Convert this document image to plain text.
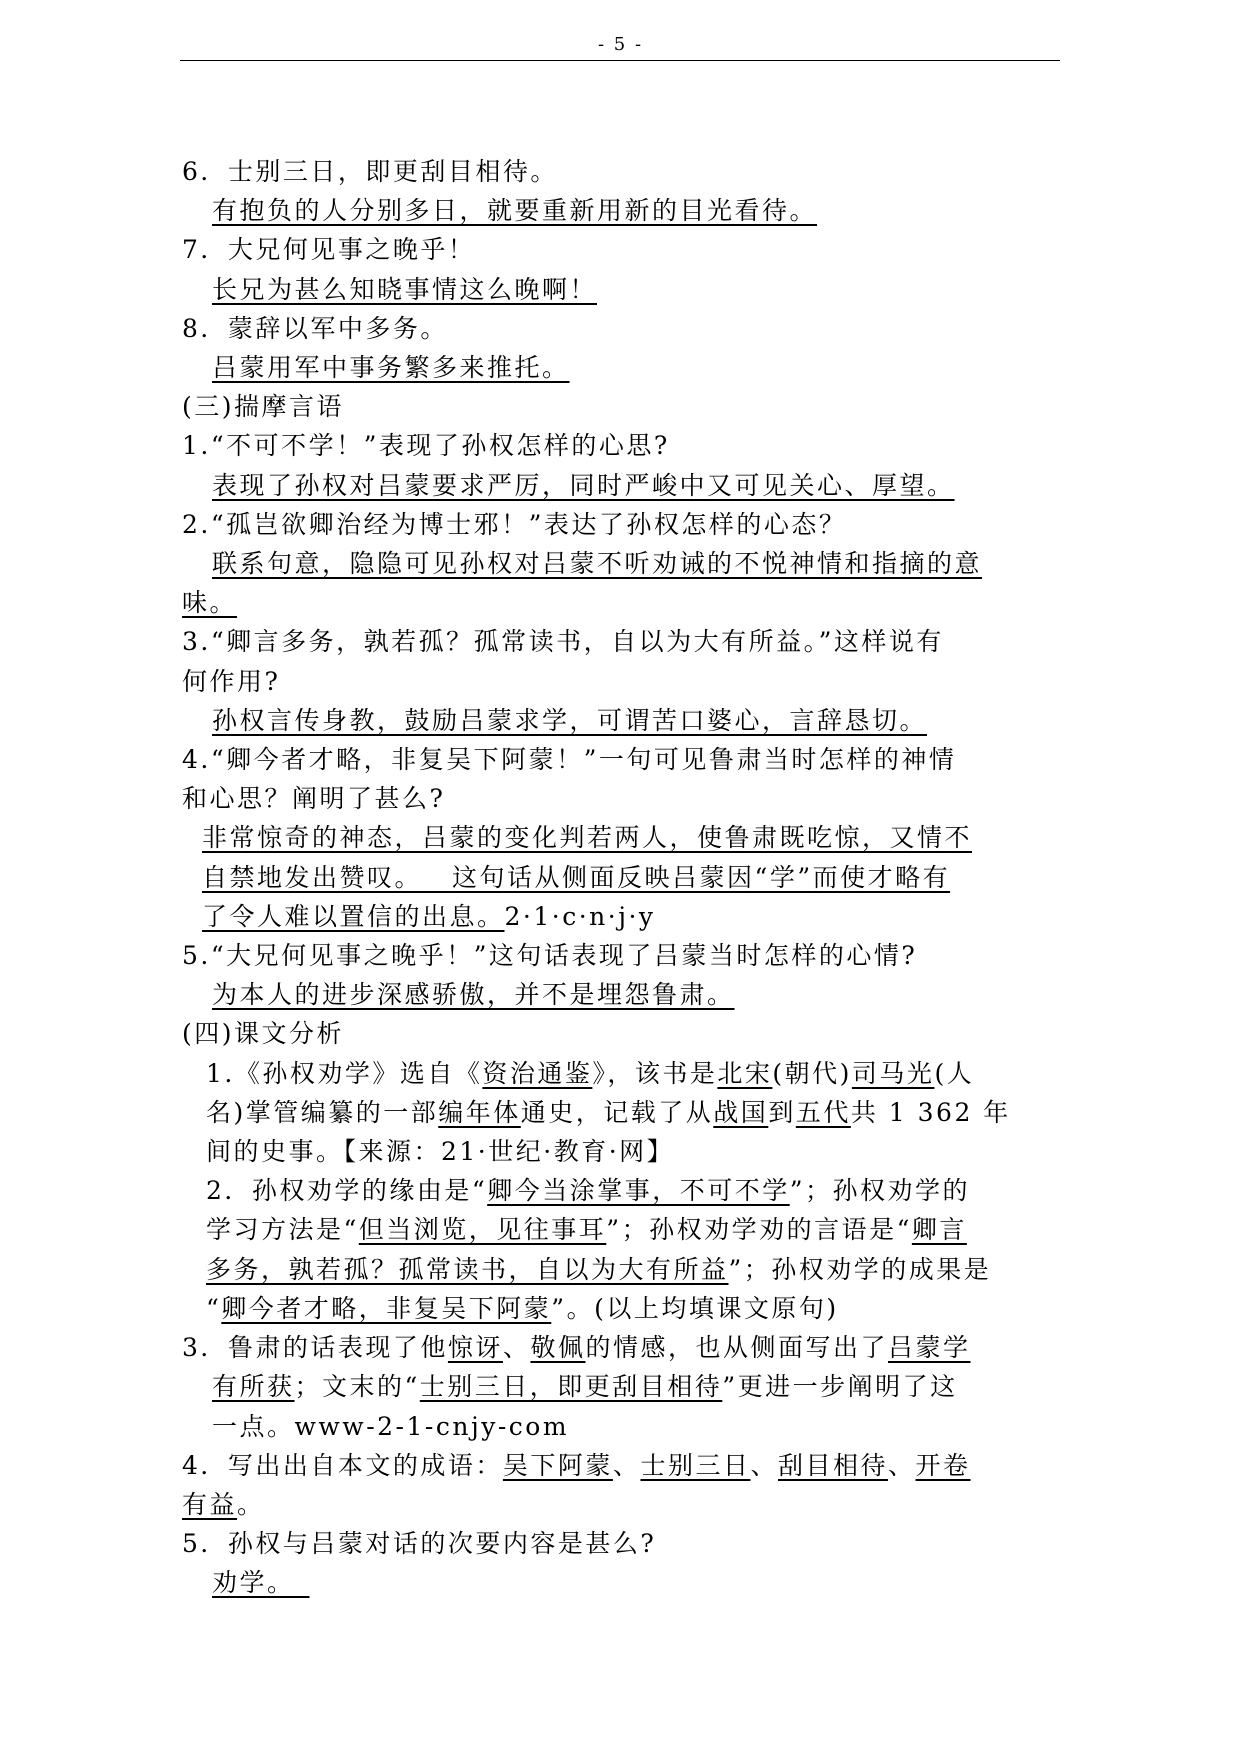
- 5 -
6．士别三日，即更刮目相待。
有抱负的人分别多日，就要重新用新的目光看待。
7．大兄何见事之晚乎！
长兄为甚么知晓事情这么晚啊！
8．蒙辞以军中多务。
吕蒙用军中事务繁多来推托。
(三)揣摩言语
1.“不可不学！”表现了孙权怎样的心思?
表现了孙权对吕蒙要求严厉，同时严峻中又可见关心、厚望。
2.“孤岂欲卿治经为博士邪！”表达了孙权怎样的心态？
联系句意，隐隐可见孙权对吕蒙不听劝诫的不悦神情和指摘的意
味。
3.“卿言多务，孰若孤？孤常读书，自以为大有所益。”这样说有
何作用?
孙权言传身教，鼓励吕蒙求学，可谓苦口婆心，言辞恳切。
4.“卿今者才略，非复吴下阿蒙！”一句可见鲁肃当时怎样的神情
和心思？阐明了甚么?
非常惊奇的神态，吕蒙的变化判若两人，使鲁肃既吃惊，又情不
自禁地发出赞叹。　  这句话从侧面反映吕蒙因“学”而使才略有
了令人难以置信的出息。2·1·c·n·j·y
5.“大兄何见事之晚乎！”这句话表现了吕蒙当时怎样的心情?
为本人的进步深感骄傲，并不是埋怨鲁肃。
(四)课文分析
1.《孙权劝学》选自《资治通鉴》，该书是北宋(朝代)司马光(人
名)掌管编纂的一部编年体通史，记载了从战国到五代共 1 362 年
间的史事。【来源：21·世纪·教育·网】
2．孙权劝学的缘由是“卿今当涂掌事，不可不学”；孙权劝学的
学习方法是“但当浏览，见往事耳”；孙权劝学劝的言语是“卿言
多务，孰若孤？孤常读书，自以为大有所益”；孙权劝学的成果是
“卿今者才略，非复吴下阿蒙”。(以上均填课文原句)
3．鲁肃的话表现了他惊讶、敬佩的情感，也从侧面写出了吕蒙学
有所获；文末的“士别三日，即更刮目相待”更进一步阐明了这
一点。www-2-1-cnjy-com
4．写出出自本文的成语：吴下阿蒙、士别三日、刮目相待、开卷
有益。
5．孙权与吕蒙对话的次要内容是甚么?
劝学。 
